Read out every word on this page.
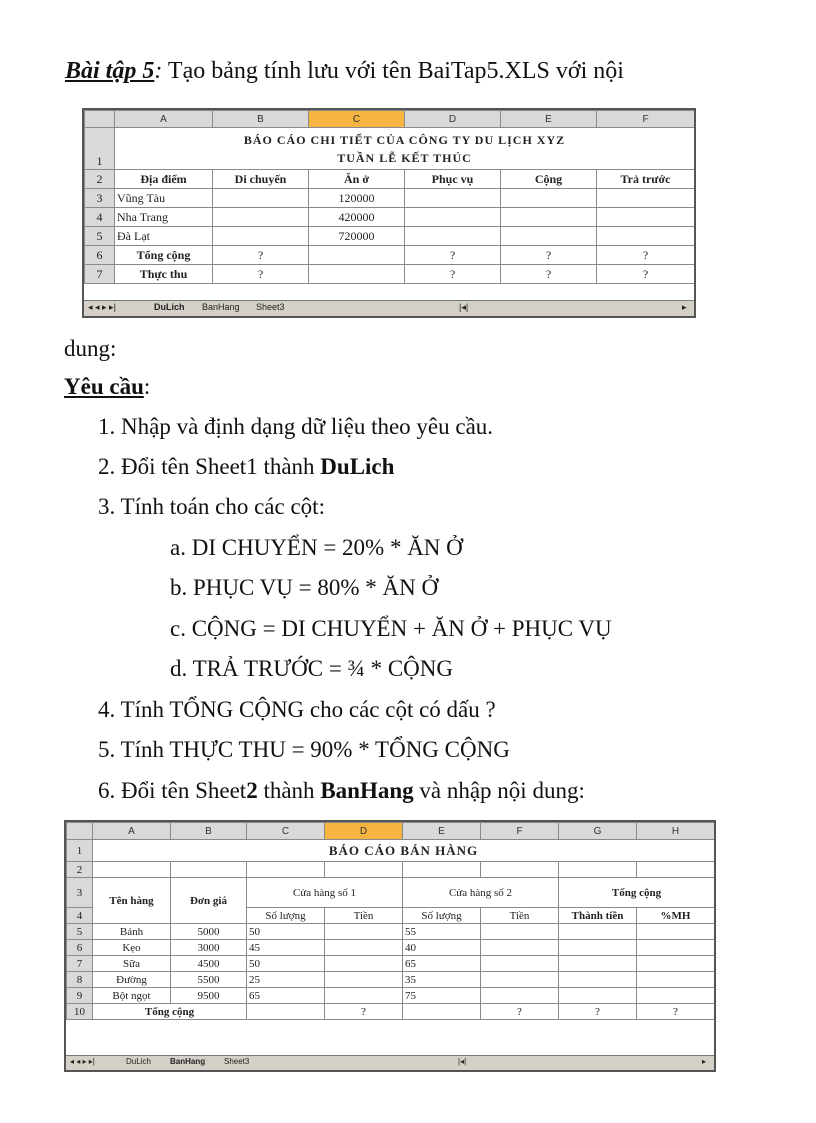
Bài tập 5: Tạo bảng tính lưu với tên BaiTap5.XLS với nội
	A	B	C	D	E	F
1	BÁO CÁO CHI TIẾT CỦA CÔNG TY DU LỊCH XYZ
TUẦN LỄ KẾT THÚC					

2	Địa điểm	Di chuyển	Ăn ở	Phục vụ	Cộng	Trả trước
3	Vũng Tàu		120000			
4	Nha Trang		420000			
5	Đà Lạt		720000			
6	Tổng cộng	?		?	?	?
7	Thực thu	?		?	?	?
◂ ◂ ▸ ▸|	DuLich BanHang Sheet3	|◂|	▸
dung:
Yêu cầu:
1. Nhập và định dạng dữ liệu theo yêu cầu.
2. Đổi tên Sheet1 thành DuLich
3. Tính toán cho các cột:
4. Tính TỔNG CỘNG cho các cột có dấu ?
5. Tính THỰC THU = 90% * TỔNG CỘNG
6. Đổi tên Sheet2 thành BanHang và nhập nội dung:
a. DI CHUYỂN = 20% * ĂN Ở
b. PHỤC VỤ = 80% * ĂN Ở
c. CỘNG = DI CHUYỂN + ĂN Ở + PHỤC VỤ
d. TRẢ TRƯỚC = ¾ * CỘNG
	A	B	C	D	E	F	G	H
1	BÁO CÁO BÁN HÀNG							
2								
3	Tên hàng	Đơn giá	Cửa hàng số 1		Cửa hàng số 2		Tổng cộng	
4			Số lượng	Tiền	Số lượng	Tiền	Thành tiền	%MH
5	Bánh	5000	50		55			
6	Kẹo	3000	45		40			
7	Sữa	4500	50		65			
8	Đường	5500	25		35			
9	Bột ngọt	9500	65		75			
10	Tổng cộng			?		?	?	?
◂ ◂ ▸ ▸|	DuLich BanHang Sheet3	|◂|	▸
